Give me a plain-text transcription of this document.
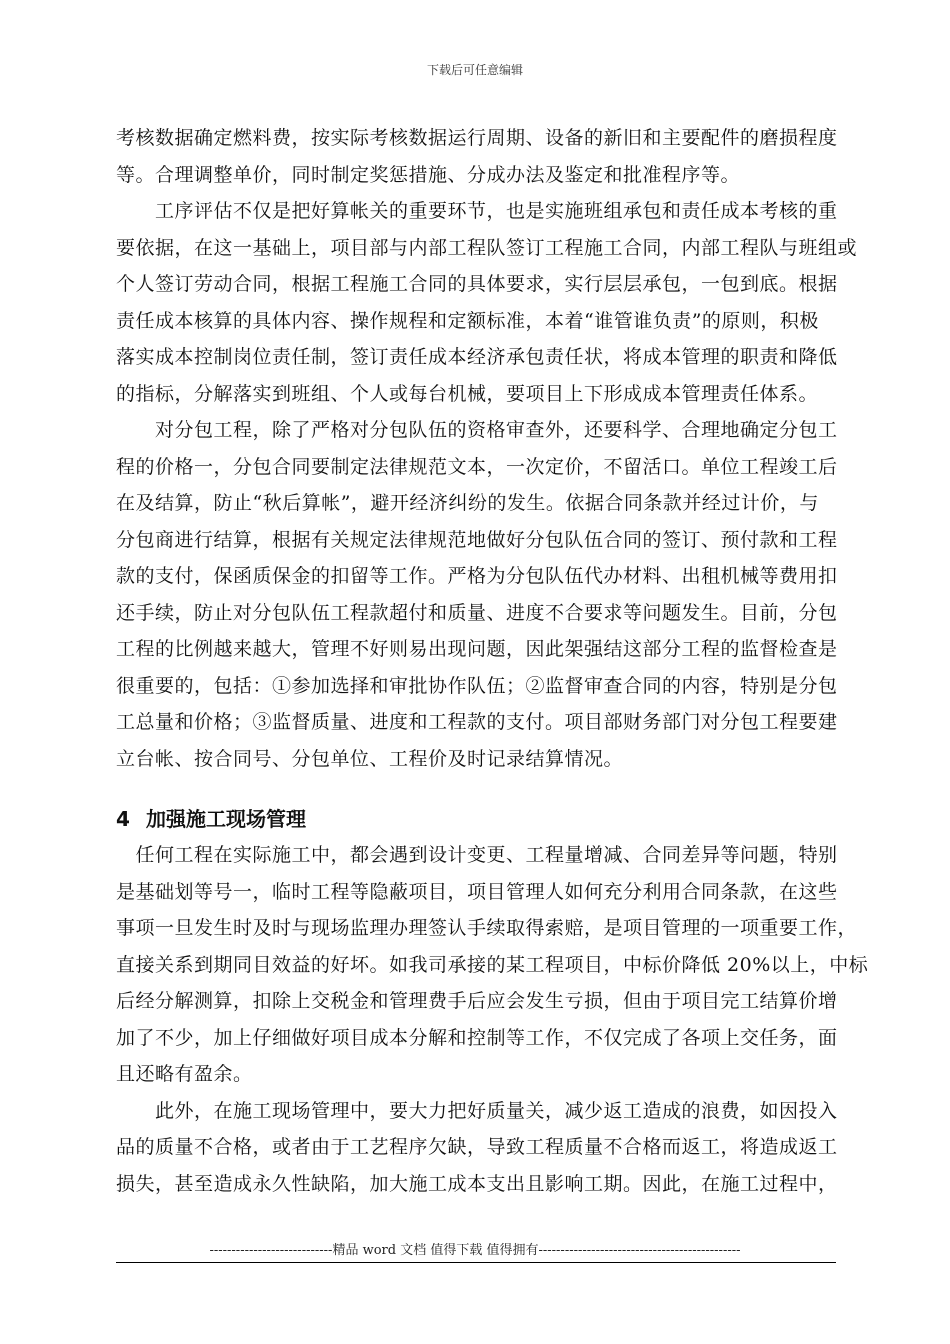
下载后可任意编辑
考核数据确定燃料费，按实际考核数据运行周期、设备的新旧和主要配件的磨损程度
等。合理调整单价，同时制定奖惩措施、分成办法及鉴定和批准程序等。
　　工序评估不仅是把好算帐关的重要环节，也是实施班组承包和责任成本考核的重
要依据，在这一基础上，项目部与内部工程队签订工程施工合同，内部工程队与班组或
个人签订劳动合同，根据工程施工合同的具体要求，实行层层承包，一包到底。根据
责任成本核算的具体内容、操作规程和定额标准，本着“谁管谁负责”的原则，积极
落实成本控制岗位责任制，签订责任成本经济承包责任状，将成本管理的职责和降低
的指标，分解落实到班组、个人或每台机械，要项目上下形成成本管理责任体系。
　　对分包工程，除了严格对分包队伍的资格审查外，还要科学、合理地确定分包工
程的价格一，分包合同要制定法律规范文本，一次定价，不留活口。单位工程竣工后
在及结算，防止“秋后算帐”，避开经济纠纷的发生。依据合同条款并经过计价，与
分包商进行结算，根据有关规定法律规范地做好分包队伍合同的签订、预付款和工程
款的支付，保函质保金的扣留等工作。严格为分包队伍代办材料、出租机械等费用扣
还手续，防止对分包队伍工程款超付和质量、进度不合要求等问题发生。目前，分包
工程的比例越来越大，管理不好则易出现问题，因此架强结这部分工程的监督检查是
很重要的，包括：①参加选择和审批协作队伍；②监督审查合同的内容，特别是分包
工总量和价格；③监督质量、进度和工程款的支付。项目部财务部门对分包工程要建
立台帐、按合同号、分包单位、工程价及时记录结算情况。
4 加强施工现场管理
　任何工程在实际施工中，都会遇到设计变更、工程量增减、合同差异等问题，特别
是基础划等号一，临时工程等隐蔽项目，项目管理人如何充分利用合同条款，在这些
事项一旦发生时及时与现场监理办理签认手续取得索赔，是项目管理的一项重要工作，
直接关系到期同目效益的好坏。如我司承接的某工程项目，中标价降低 20%以上，中标
后经分解测算，扣除上交税金和管理费手后应会发生亏损，但由于项目完工结算价增
加了不少，加上仔细做好项目成本分解和控制等工作，不仅完成了各项上交任务，面
且还略有盈余。
　　此外，在施工现场管理中，要大力把好质量关，减少返工造成的浪费，如因投入
品的质量不合格，或者由于工艺程序欠缺，导致工程质量不合格而返工，将造成返工
损失，甚至造成永久性缺陷，加大施工成本支出且影响工期。因此，在施工过程中，
----------------------------精品 word 文档 值得下载 值得拥有----------------------------------------------
